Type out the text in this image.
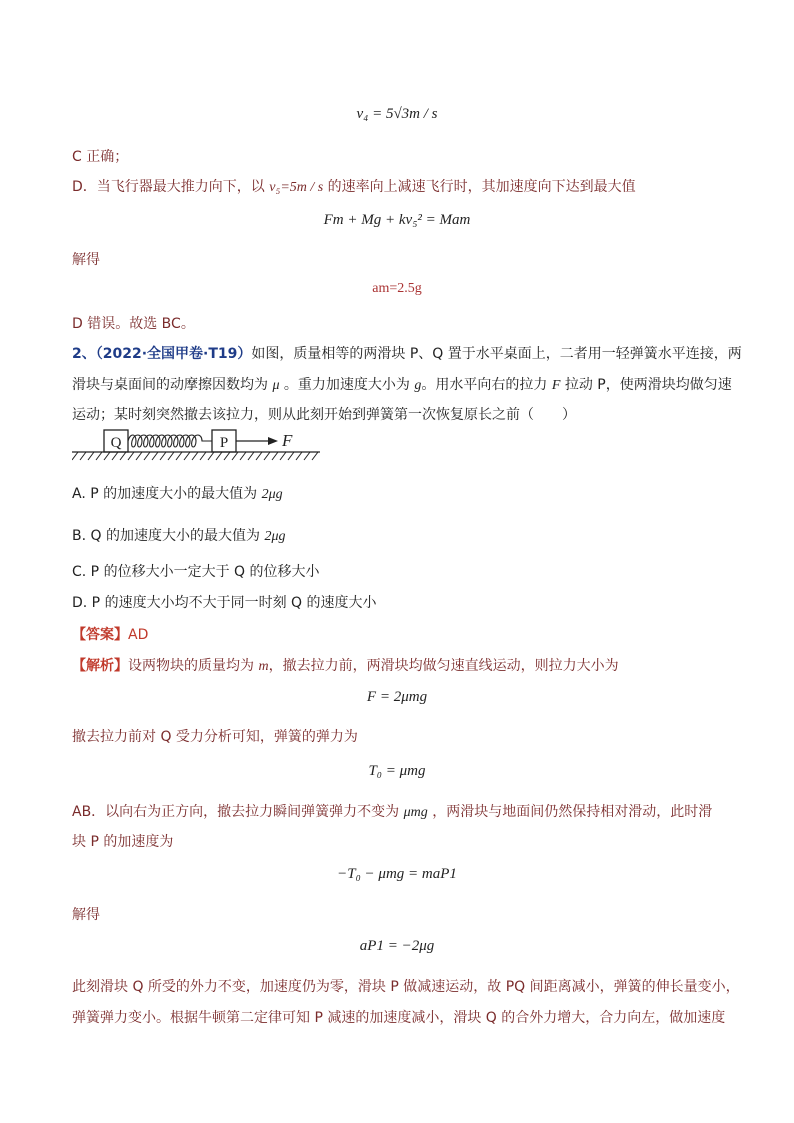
v₄ = 5√3m / s
C 正确；
D．当飞行器最大推力向下，以 v₅=5m / s 的速率向上减速飞行时，其加速度向下达到最大值
Fm + Mg + kv₅² = Mam
解得
am=2.5g
D 错误。故选 BC。
2、（2022·全国甲卷·T19）如图，质量相等的两滑块 P、Q 置于水平桌面上，二者用一轻弹簧水平连接，两
滑块与桌面间的动摩擦因数均为 μ 。重力加速度大小为 g。用水平向右的拉力 F 拉动 P，使两滑块均做匀速
运动；某时刻突然撤去该拉力，则从此刻开始到弹簧第一次恢复原长之前（　　）
Q	P	F
A. P 的加速度大小的最大值为 2μg
B. Q 的加速度大小的最大值为 2μg
C. P 的位移大小一定大于 Q 的位移大小
D. P 的速度大小均不大于同一时刻 Q 的速度大小
【答案】AD
【解析】设两物块的质量均为 m，撤去拉力前，两滑块均做匀速直线运动，则拉力大小为
F = 2μmg
撤去拉力前对 Q 受力分析可知，弹簧的弹力为
T₀ = μmg
AB．以向右为正方向，撤去拉力瞬间弹簧弹力不变为 μmg ，两滑块与地面间仍然保持相对滑动，此时滑
块 P 的加速度为
−T₀ − μmg = maP1
解得
aP1 = −2μg
此刻滑块 Q 所受的外力不变，加速度仍为零，滑块 P 做减速运动，故 PQ 间距离减小，弹簧的伸长量变小，
弹簧弹力变小。根据牛顿第二定律可知 P 减速的加速度减小，滑块 Q 的合外力增大，合力向左，做加速度
